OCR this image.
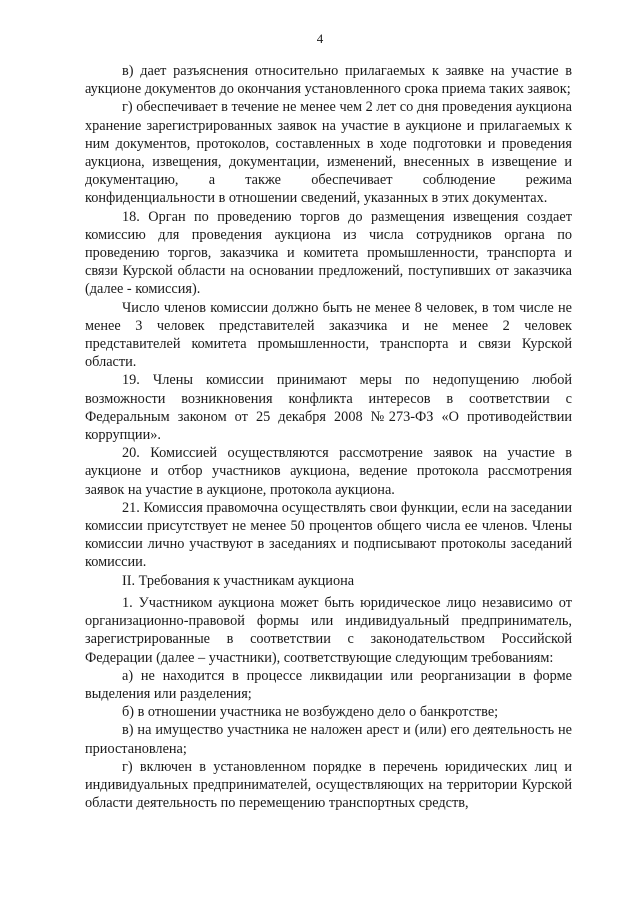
4

в) дает разъяснения относительно прилагаемых к заявке на участие в аукционе документов до окончания установленного срока приема таких заявок;

г) обеспечивает в течение не менее чем 2 лет со дня проведения аукциона хранение зарегистрированных заявок на участие в аукционе и прилагаемых к ним документов, протоколов, составленных в ходе подготовки и проведения аукциона, извещения, документации, изменений, внесенных в извещение и документацию, а также обеспечивает соблюдение режима конфиденциальности в отношении сведений, указанных в этих документах.

18. Орган по проведению торгов до размещения извещения создает комиссию для проведения аукциона из числа сотрудников органа по проведению торгов, заказчика и комитета промышленности, транспорта и связи Курской области на основании предложений, поступивших от заказчика (далее - комиссия).

Число членов комиссии должно быть не менее 8 человек, в том числе не менее 3 человек представителей заказчика и не менее 2 человек представителей комитета промышленности, транспорта и связи Курской области.

19. Члены комиссии принимают меры по недопущению любой возможности возникновения конфликта интересов в соответствии с Федеральным законом от 25 декабря 2008 №273-ФЗ «О противодействии коррупции».

20. Комиссией осуществляются рассмотрение заявок на участие в аукционе и отбор участников аукциона, ведение протокола рассмотрения заявок на участие в аукционе, протокола аукциона.

21. Комиссия правомочна осуществлять свои функции, если на заседании комиссии присутствует не менее 50 процентов общего числа ее членов. Члены комиссии лично участвуют в заседаниях и подписывают протоколы заседаний комиссии.

II. Требования к участникам аукциона

1. Участником аукциона может быть юридическое лицо независимо от организационно-правовой формы или индивидуальный предприниматель, зарегистрированные в соответствии с законодательством Российской Федерации (далее – участники), соответствующие следующим требованиям:

а) не находится в процессе ликвидации или реорганизации в форме выделения или разделения;

б) в отношении участника не возбуждено дело о банкротстве;

в) на имущество участника не наложен арест и (или) его деятельность не приостановлена;

г) включен в установленном порядке в перечень юридических лиц и индивидуальных предпринимателей, осуществляющих на территории Курской области деятельность по перемещению транспортных средств,
